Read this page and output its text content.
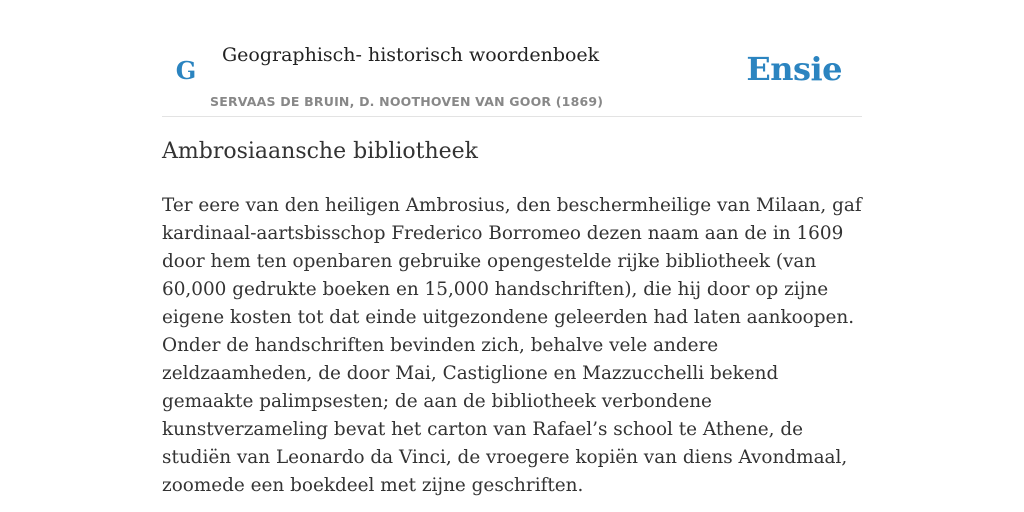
G
Geographisch- historisch woordenboek
SERVAAS DE BRUIN, D. NOOTHOVEN VAN GOOR (1869)
Ensie
Ambrosiaansche bibliotheek

Ter eere van den heiligen Ambrosius, den beschermheilige van Milaan, gaf kardinaal-aartsbisschop Frederico Borromeo dezen naam aan de in 1609 door hem ten openbaren gebruike opengestelde rijke bibliotheek (van 60,000 gedrukte boeken en 15,000 handschriften), die hij door op zijne eigene kosten tot dat einde uitgezondene geleerden had laten aankoopen. Onder de handschriften bevinden zich, behalve vele andere zeldzaamheden, de door Mai, Castiglione en Mazzucchelli bekend gemaakte palimpsesten; de aan de bibliotheek verbondene kunstverzameling bevat het carton van Rafael’s school te Athene, de studiën van Leonardo da Vinci, de vroegere kopiën van diens Avondmaal, zoomede een boekdeel met zijne geschriften.
